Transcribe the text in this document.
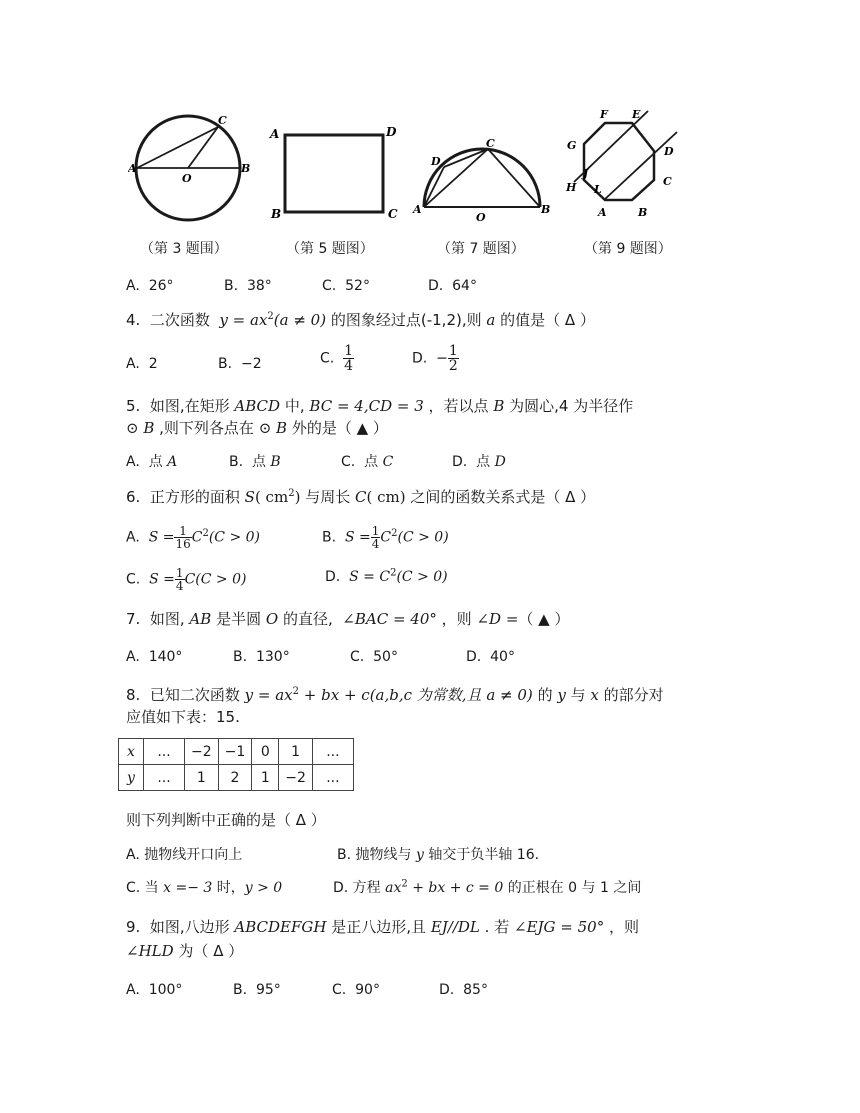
A	B
C
O
（第 3 题围）
A	D
B	C
（第 5 题图）
A	B
C
D
O
（第 7 题图）
F E
G	D
C
J
H L
A	B
（第 9 题图）
A. 26°	B. 38°	C. 52°	D. 64°
4. 二次函数 $y = ax^2(a \ne 0)$ 的图象经过点(-1,2),则 a 的值是（ Δ ）
A. 2	B. −2	C. $\frac{1}{4}$	D. − $\frac{1}{2}$
5. 如图,在矩形 ABCD 中, BC = 4,CD = 3 ，若以点 B 为圆心,4 为半径作
⊙ B ,则下列各点在 ⊙ B 外的是（ ▲ ）
A. 点 A	B. 点 B	C. 点 C	D. 点 D
6. 正方形的面积 S( $cm^2$) 与周长 C( cm) 之间的函数关系式是（ Δ ）
A. $S = \frac{1}{16} C^2(C > 0)$	B. $S = \frac{1}{4} C^2(C > 0)$
C. $S = \frac{1}{4} C(C > 0)$	D. $S = C^2(C > 0)$
7. 如图, AB 是半圆 O 的直径, ∠BAC = 40° ，则 ∠D =（ ▲ ）
A. 140°	B. 130°	C. 50°	D. 40°
8. 已知二次函数 $y = ax^2$ + bx + c(a,b,c 为常数,且 a ≠ 0) 的 y 与 x 的部分对
应值如下表：15.
x	...	−2	−1	0	1	...
y	...	1	2	1	−2	...
则下列判断中正确的是（ Δ ）
A. 抛物线开口向上	B. 抛物线与 y 轴交于负半轴 16.
C. 当 x =− 3 时，y > 0	D. 方程 $ax^2$ + bx + c = 0 的正根在 0 与 1 之间
9. 如图,八边形 ABCDEFGH 是正八边形,且 EJ//DL . 若 ∠EJG = 50° ，则
∠HLD 为（ Δ ）
A. 100°	B. 95°	C. 90°	D. 85°
